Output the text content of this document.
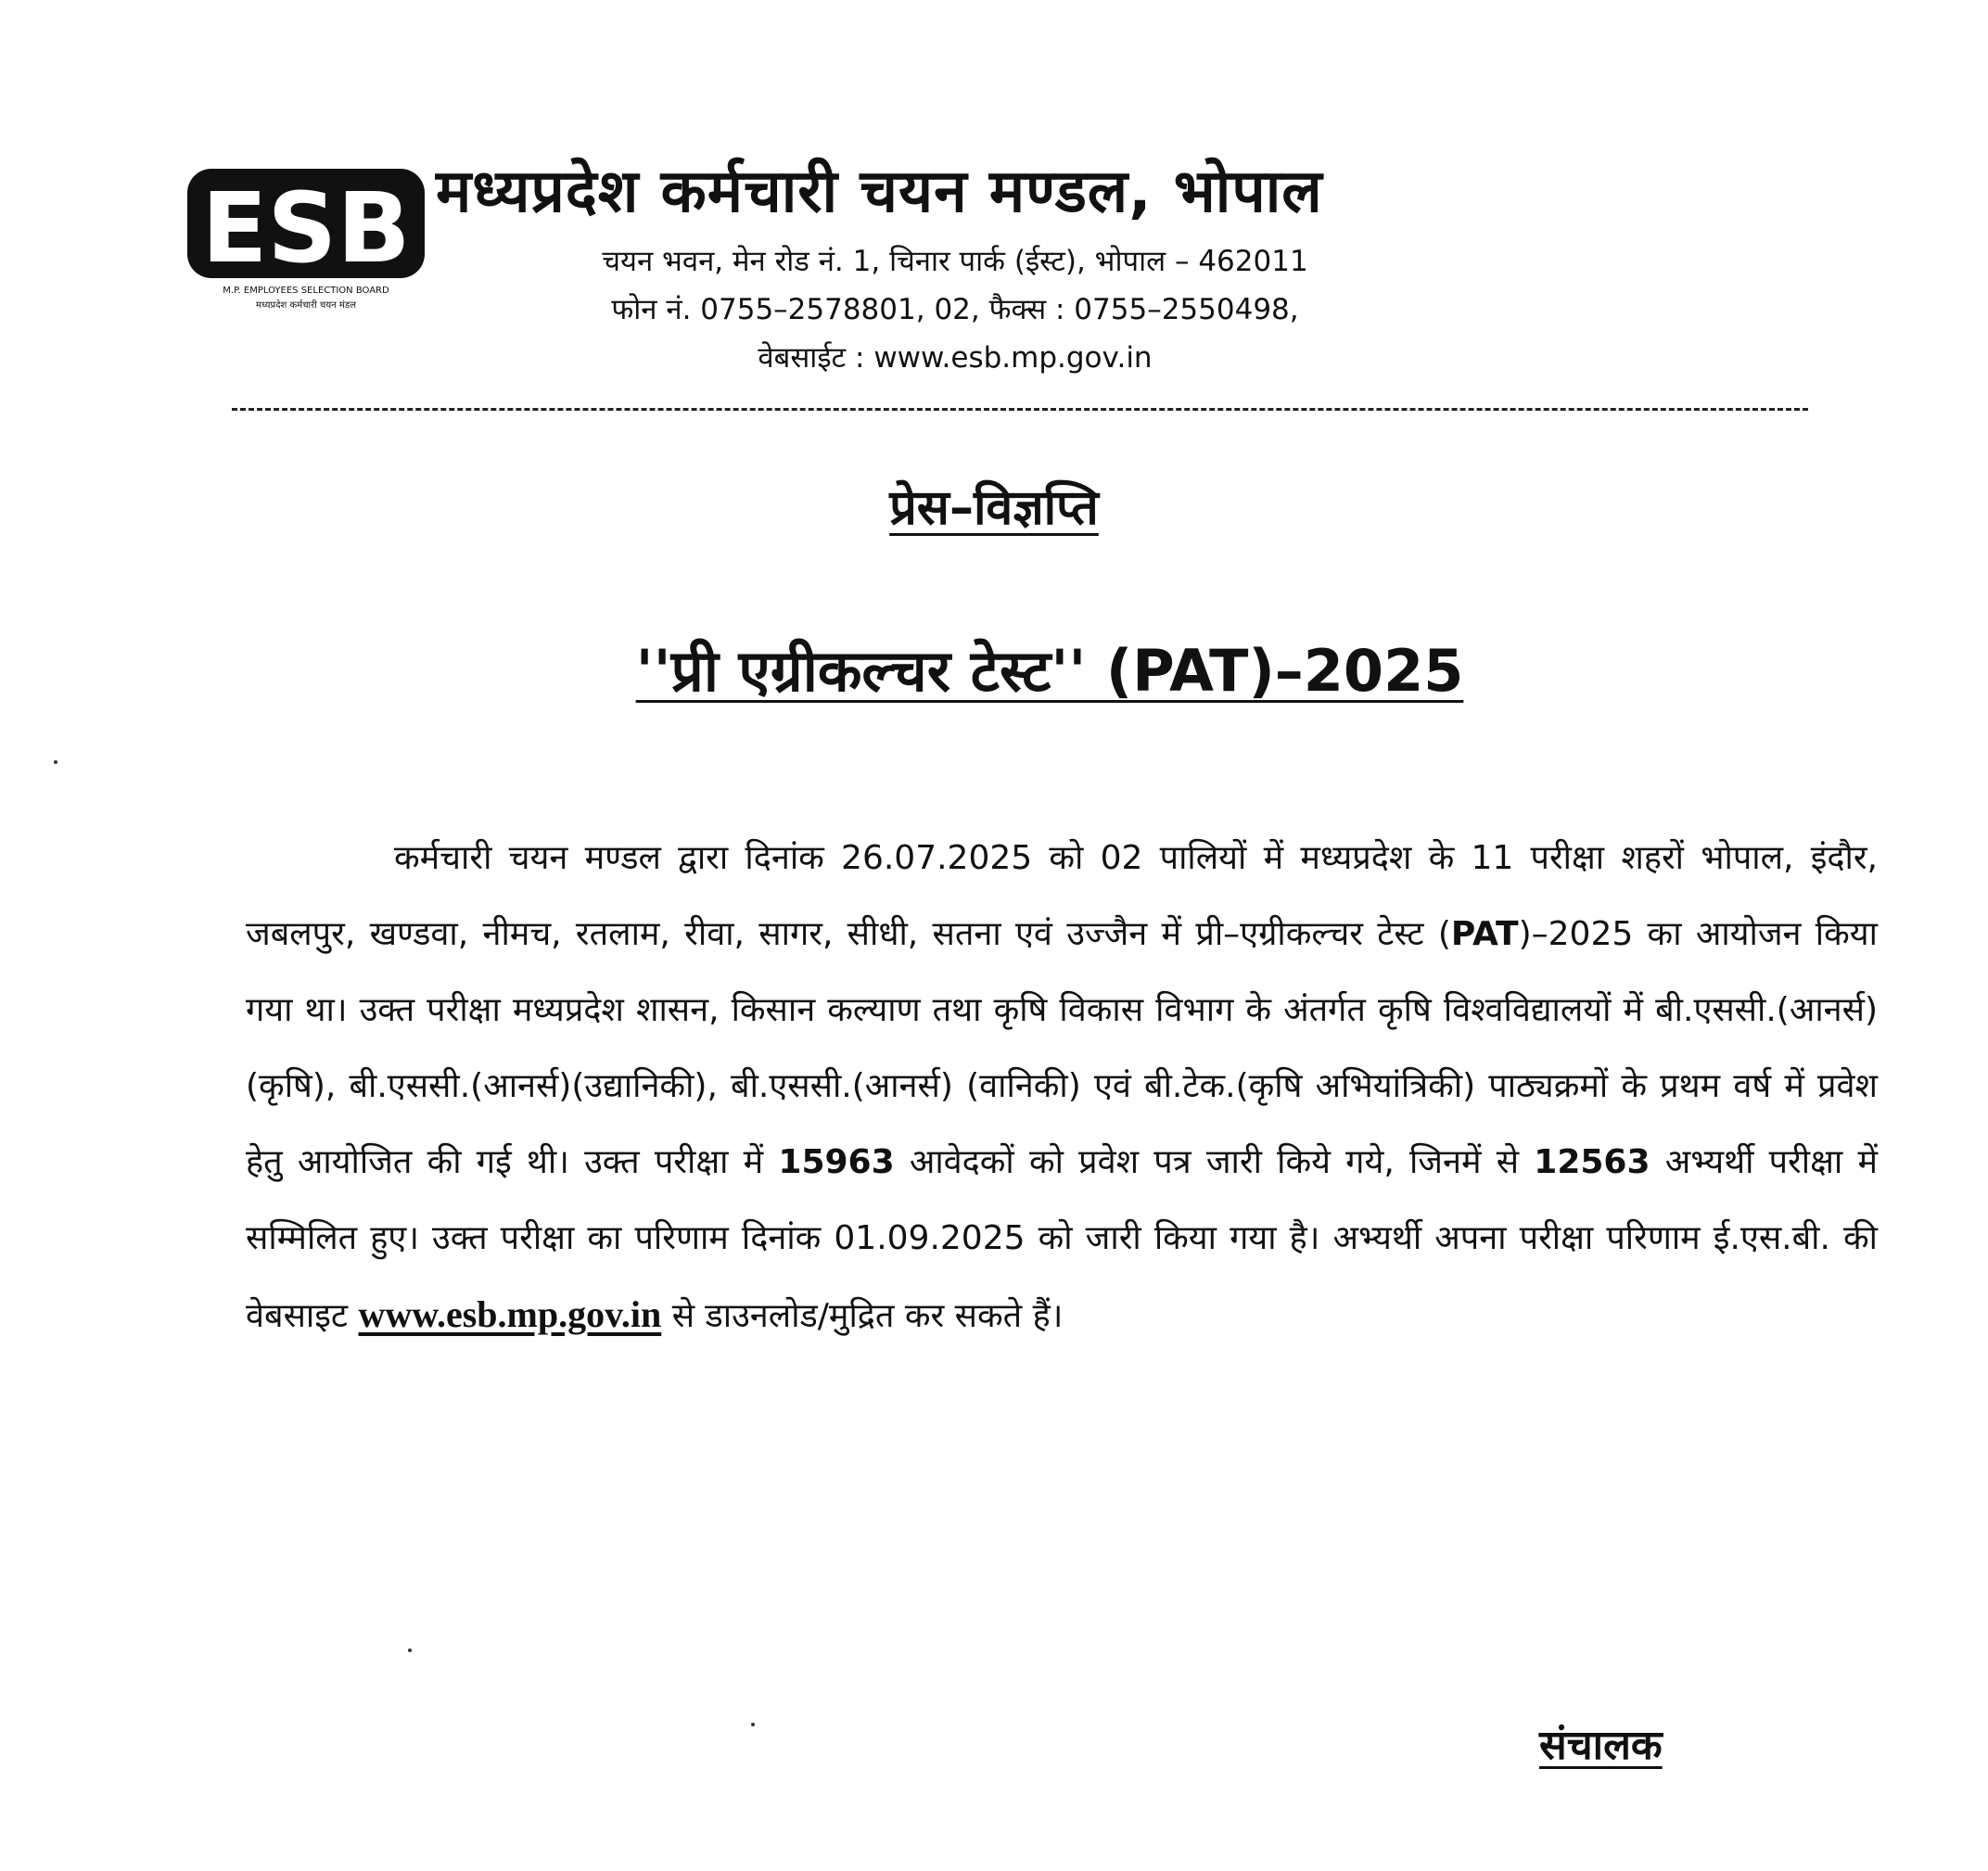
ESB
M.P. EMPLOYEES SELECTION BOARD
मध्यप्रदेश कर्मचारी चयन मंडल
मध्यप्रदेश कर्मचारी चयन मण्डल, भोपाल
चयन भवन, मेन रोड नं. 1, चिनार पार्क (ईस्ट), भोपाल – 462011
फोन नं. 0755–2578801, 02, फैक्स : 0755–2550498,
वेबसाईट : www.esb.mp.gov.in
प्रेस–विज्ञप्ति
''प्री एग्रीकल्चर टेस्ट'' (PAT)–2025
कर्मचारी चयन मण्डल द्वारा दिनांक 26.07.2025 को 02 पालियों में मध्यप्रदेश के 11 परीक्षा शहरों भोपाल, इंदौर, जबलपुर, खण्डवा, नीमच, रतलाम, रीवा, सागर, सीधी, सतना एवं उज्जैन में प्री–एग्रीकल्चर टेस्ट (PAT)–2025 का आयोजन किया गया था। उक्त परीक्षा मध्यप्रदेश शासन, किसान कल्याण तथा कृषि विकास विभाग के अंतर्गत कृषि विश्वविद्यालयों में बी.एससी.(आनर्स)(कृषि), बी.एससी.(आनर्स)(उद्यानिकी), बी.एससी.(आनर्स) (वानिकी) एवं बी.टेक.(कृषि अभियांत्रिकी) पाठ्यक्रमों के प्रथम वर्ष में प्रवेश हेतु आयोजित की गई थी। उक्त परीक्षा में 15963 आवेदकों को प्रवेश पत्र जारी किये गये, जिनमें से 12563 अभ्यर्थी परीक्षा में सम्मिलित हुए। उक्त परीक्षा का परिणाम दिनांक 01.09.2025 को जारी किया गया है। अभ्यर्थी अपना परीक्षा परिणाम ई.एस.बी. की वेबसाइट www.esb.mp.gov.in से डाउनलोड/मुद्रित कर सकते हैं।
संचालक
